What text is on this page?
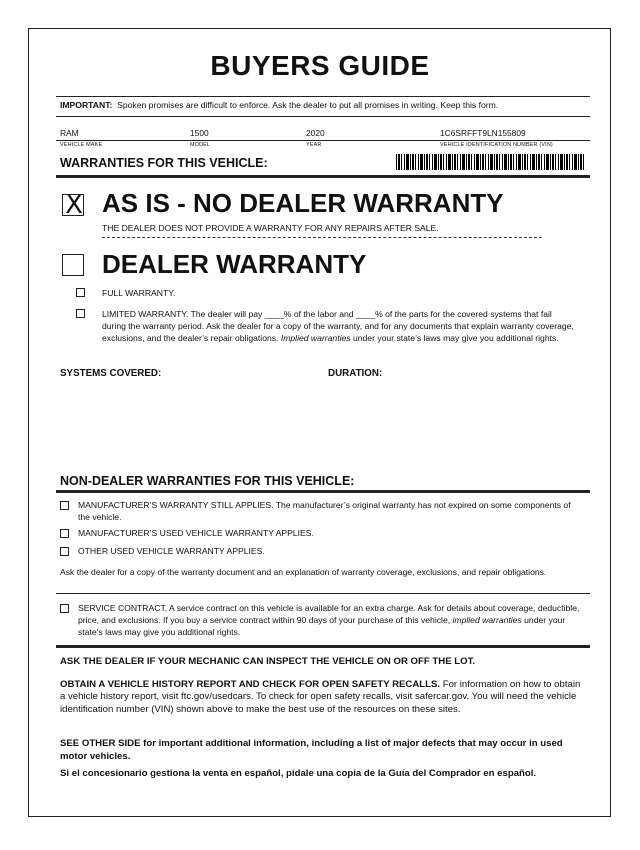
BUYERS GUIDE
IMPORTANT: Spoken promises are difficult to enforce. Ask the dealer to put all promises in writing. Keep this form.
RAM	1500	2020	1C6SRFFT9LN155809
VEHICLE MAKE	MODEL	YEAR	VEHICLE IDENTIFICATION NUMBER (VIN)
WARRANTIES FOR THIS VEHICLE:
X AS IS - NO DEALER WARRANTY
THE DEALER DOES NOT PROVIDE A WARRANTY FOR ANY REPAIRS AFTER SALE.
DEALER WARRANTY
FULL WARRANTY.
LIMITED WARRANTY. The dealer will pay ____% of the labor and ____% of the parts for the covered systems that fail during the warranty period. Ask the dealer for a copy of the warranty, and for any documents that explain warranty coverage, exclusions, and the dealer’s repair obligations. Implied warranties under your state’s laws may give you additional rights.
SYSTEMS COVERED:	DURATION:
NON-DEALER WARRANTIES FOR THIS VEHICLE:
MANUFACTURER’S WARRANTY STILL APPLIES. The manufacturer’s original warranty has not expired on some components of the vehicle.
MANUFACTURER’S USED VEHICLE WARRANTY APPLIES.
OTHER USED VEHICLE WARRANTY APPLIES.
Ask the dealer for a copy of the warranty document and an explanation of warranty coverage, exclusions, and repair obligations.
SERVICE CONTRACT. A service contract on this vehicle is available for an extra charge. Ask for details about coverage, deductible, price, and exclusions. If you buy a service contract within 90 days of your purchase of this vehicle, implied warranties under your state’s laws may give you additional rights.
ASK THE DEALER IF YOUR MECHANIC CAN INSPECT THE VEHICLE ON OR OFF THE LOT.
OBTAIN A VEHICLE HISTORY REPORT AND CHECK FOR OPEN SAFETY RECALLS. For information on how to obtain a vehicle history report, visit ftc.gov/usedcars. To check for open safety recalls, visit safercar.gov. You will need the vehicle identification number (VIN) shown above to make the best use of the resources on these sites.
SEE OTHER SIDE for important additional information, including a list of major defects that may occur in used motor vehicles.
Si el concesionario gestiona la venta en español, pídale una copia de la Guía del Comprador en español.
